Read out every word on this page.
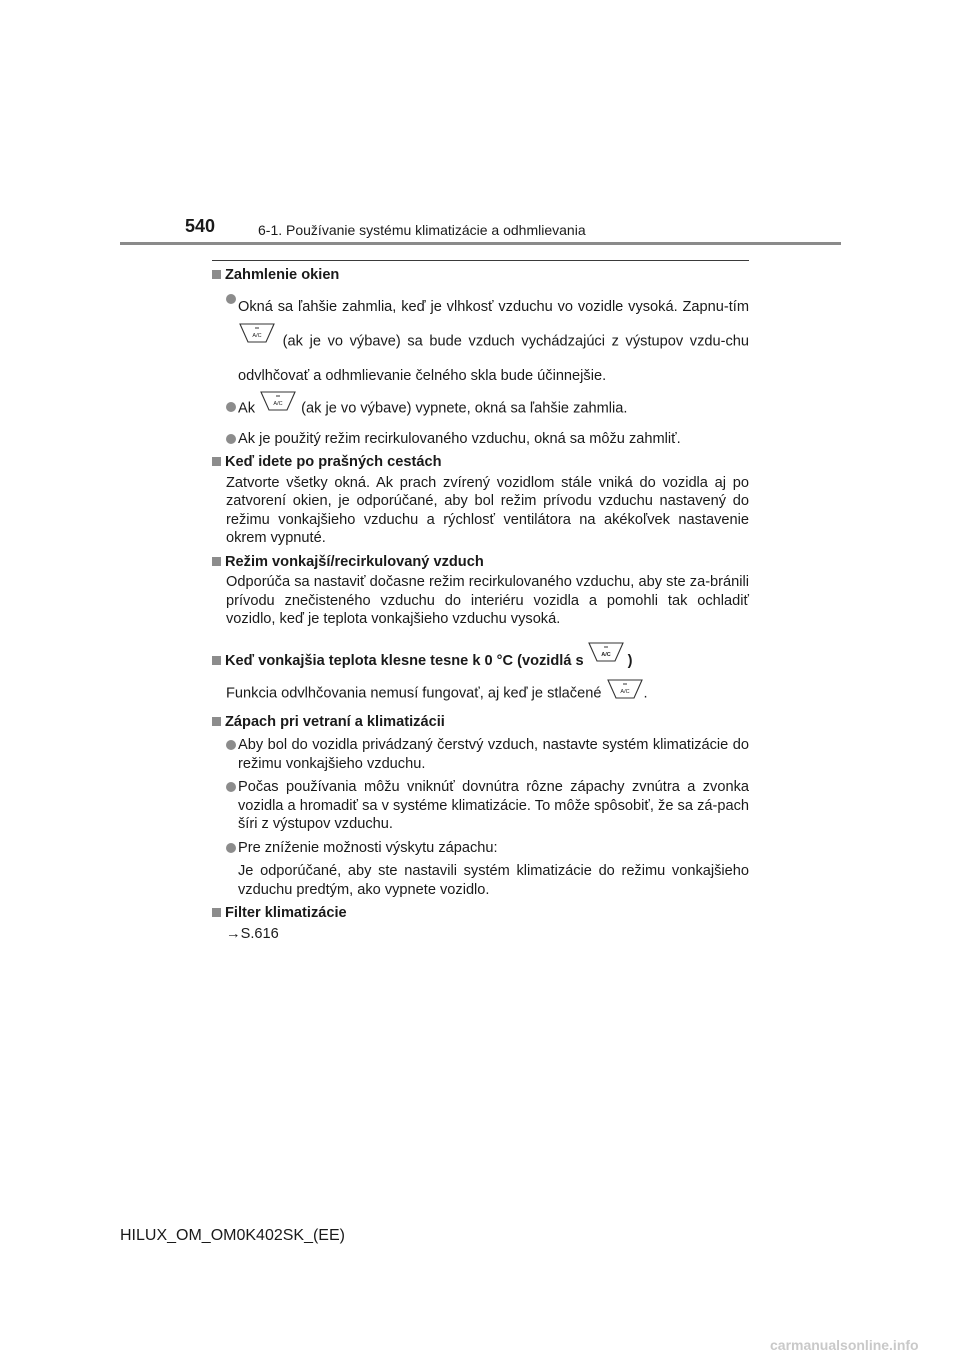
540	6-1. Používanie systému klimatizácie a odhmlievania
Zahmlenie okien
Okná sa ľahšie zahmlia, keď je vlhkosť vzduchu vo vozidle vysoká. Zapnu-tím
A/C (ak je vo výbave) sa bude vzduch vychádzajúci z výstupov vzdu-chu odvlhčovať a odhmlievanie čelného skla bude účinnejšie.
Ak	A/C (ak je vo výbave) vypnete, okná sa ľahšie zahmlia.
Ak je použitý režim recirkulovaného vzduchu, okná sa môžu zahmliť.
Keď idete po prašných cestách
Zatvorte všetky okná. Ak prach zvírený vozidlom stále vniká do vozidla aj po zatvorení okien, je odporúčané, aby bol režim prívodu vzduchu nastavený do režimu vonkajšieho vzduchu a rýchlosť ventilátora na akékoľvek nastavenie okrem vypnuté.
Režim vonkajší/recirkulovaný vzduch
Odporúča sa nastaviť dočasne režim recirkulovaného vzduchu, aby ste za-bránili prívodu znečisteného vzduchu do interiéru vozidla a pomohli tak ochladiť vozidlo, keď je teplota vonkajšieho vzduchu vysoká.
Keď vonkajšia teplota klesne tesne k 0 °C (vozidlá s	A/C )
Funkcia odvlhčovania nemusí fungovať, aj keď je stlačené	A/C .
Zápach pri vetraní a klimatizácii
Aby bol do vozidla privádzaný čerstvý vzduch, nastavte systém klimatizácie do režimu vonkajšieho vzduchu.
Počas používania môžu vniknúť dovnútra rôzne zápachy zvnútra a zvonka vozidla a hromadiť sa v systéme klimatizácie. To môže spôsobiť, že sa zá-pach šíri z výstupov vzduchu.
Pre zníženie možnosti výskytu zápachu:
Je odporúčané, aby ste nastavili systém klimatizácie do režimu vonkajšieho vzduchu predtým, ako vypnete vozidlo.
Filter klimatizácie
→S.616
HILUX_OM_OM0K402SK_(EE)
carmanualsonline.info
